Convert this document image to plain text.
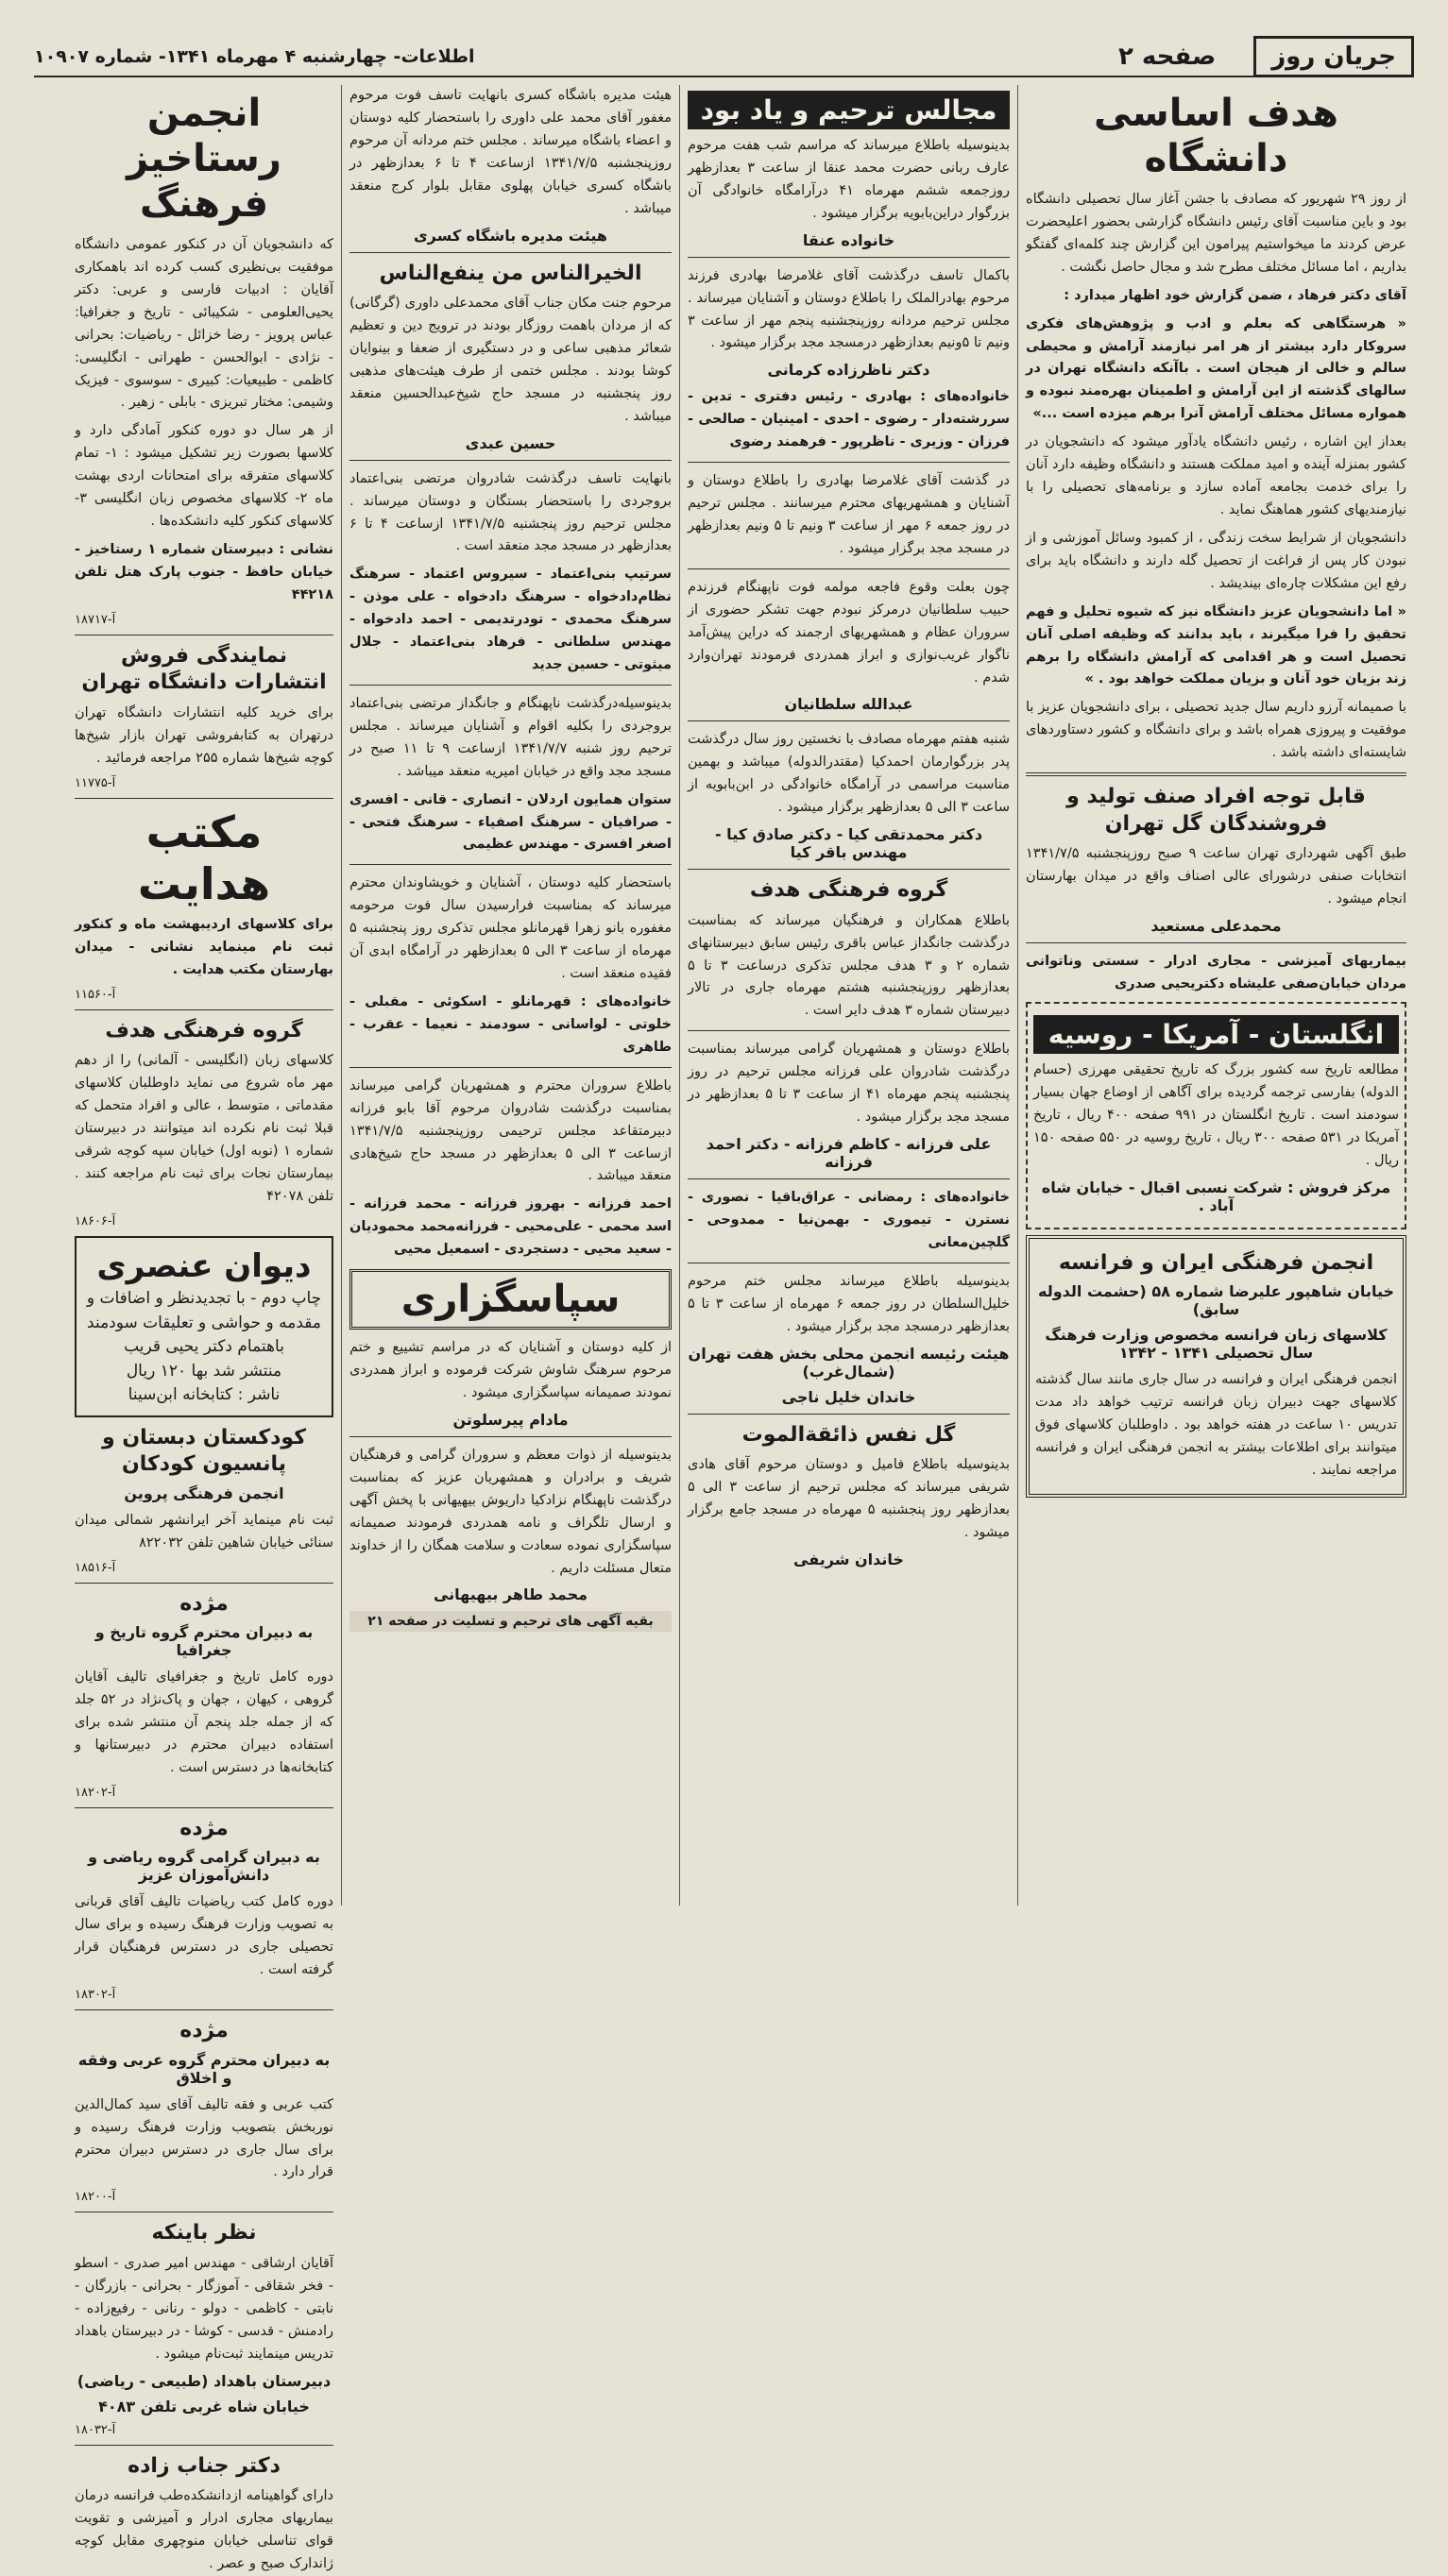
جریان روز
صفحه ۲
اطلاعات- چهارشنبه ۴ مهرماه ۱۳۴۱- شماره ۱۰۹۰۷
هدف اساسی دانشگاه

از روز ۲۹ شهریور که مصادف با جشن آغاز سال تحصیلی دانشگاه بود و باین مناسبت آقای رئیس دانشگاه گزارشی بحضور اعلیحضرت عرض کردند ما میخواستیم پیرامون این گزارش چند کلمه‌ای گفتگو بداریم ، اما مسائل مختلف مطرح شد و مجال حاصل نگشت .

آقای دکتر فرهاد ، ضمن گزارش خود اظهار میدارد :

« هرستگاهی که بعلم و ادب و پژوهش‌های فکری سروکار دارد بیشتر از هر امر نیازمند آرامش و محیطی سالم و خالی از هیجان است . باآنکه دانشگاه تهران در سالهای گذشته از این آرامش و اطمینان بهره‌مند نبوده و همواره مسائل مختلف آرامش آنرا برهم میزده است ...»

بعداز این اشاره ، رئیس دانشگاه یادآور میشود که دانشجویان در کشور بمنزله آینده و امید مملکت هستند و دانشگاه وظیفه دارد آنان را برای خدمت بجامعه آماده سازد و برنامه‌های تحصیلی را با نیازمندیهای کشور هماهنگ نماید .

دانشجویان از شرایط سخت زندگی ، از کمبود وسائل آموزشی و از نبودن کار پس از فراغت از تحصیل گله دارند و دانشگاه باید برای رفع این مشکلات چاره‌ای بیندیشد .

« اما دانشجویان عزیز دانشگاه نیز که شیوه تحلیل و فهم تحقیق را فرا میگیرند ، باید بدانند که وظیفه اصلی آنان تحصیل است و هر اقدامی که آرامش دانشگاه را برهم زند بزیان خود آنان و بزیان مملکت خواهد بود . »

با صمیمانه آرزو داریم سال جدید تحصیلی ، برای دانشجویان عزیز با موفقیت و پیروزی همراه باشد و برای دانشگاه و کشور دستاوردهای شایسته‌ای داشته باشد .

قابل توجه افراد صنف تولید و فروشندگان گل تهران

طبق آگهی شهرداری تهران ساعت ۹ صبح روزپنجشنبه ۱۳۴۱/۷/۵ انتخابات صنفی درشورای عالی اصناف واقع در میدان بهارستان انجام میشود .

محمدعلی مستعید

بیماریهای آمیزشی - مجاری ادرار - سستی وناتوانی مردان خیابان‌صفی علیشاه دکتر‌یحیی صدری

انگلستان - آمریکا - روسیه

مطالعه تاریخ سه کشور بزرگ که تاریخ تحقیقی مهرزی (حسام الدوله) بفارسی ترجمه گردیده برای آگاهی از اوضاع جهان بسیار سودمند است . تاریخ انگلستان در ۹۹۱ صفحه ۴۰۰ ریال ، تاریخ آمریکا در ۵۳۱ صفحه ۳۰۰ ریال ، تاریخ روسیه در ۵۵۰ صفحه ۱۵۰ ریال .

مرکز فروش : شرکت نسبی اقبال - خیابان شاه آباد .
انجمن فرهنگی ایران و فرانسه
خیابان شاهپور علیرضا شماره ۵۸ (حشمت الدوله سابق)
کلاسهای زبان فرانسه مخصوص وزارت فرهنگ سال تحصیلی ۱۳۴۱ - ۱۳۴۲

انجمن فرهنگی ایران و فرانسه در سال جاری مانند سال گذشته کلاسهای جهت دبیران زبان فرانسه ترتیب خواهد داد مدت تدریس ۱۰ ساعت در هفته خواهد بود . داوطلبان کلاسهای فوق میتوانند برای اطلاعات بیشتر به انجمن فرهنگی ایران و فرانسه مراجعه نمایند .

مجالس ترحیم و یاد بود

بدینوسیله باطلاع میرساند که مراسم شب هفت مرحوم عارف ربانی حضرت محمد عنقا از ساعت ۳ بعدازظهر روزجمعه ششم مهرماه ۴۱ درآرامگاه خانوادگی آن بزرگوار دراین‌بابویه برگزار میشود .

خانواده عنقا

باکمال تاسف درگذشت آقای غلامرضا بهادری فرزند مرحوم بهادرالملک را باطلاع دوستان و آشنایان میرساند . مجلس ترحیم مردانه روزپنجشنبه پنجم مهر از ساعت ۳ ونیم تا ۵ونیم بعدازظهر درمسجد مجد برگزار میشود .

دکتر ناظرزاده کرمانی

خانواده‌های : بهادری - رئیس دفتری - تدین - سررشته‌دار - رضوی - احدی - امینیان - صالحی - فرزان - وزیری - ناظرپور - فرهمند رضوی

در گذشت آقای غلامرضا بهادری را باطلاع دوستان و آشنایان و همشهریهای محترم میرسانند . مجلس ترحیم در روز جمعه ۶ مهر از ساعت ۳ ونیم تا ۵ ونیم بعدازظهر در مسجد مجد برگزار میشود .

چون بعلت وقوع فاجعه مولمه فوت ناپهنگام فرزندم حبیب سلطانیان درمرکز نبودم جهت تشکر حضوری از سروران عظام و همشهریهای ارجمند که دراین پیش‌آمد ناگوار غریب‌نوازی و ابراز همدردی فرمودند تهران‌وارد شدم .

عبدالله سلطانیان

شنبه هفتم مهرماه مصادف با نخستین روز سال درگذشت پدر بزرگوارمان احمدکیا (مقتدرالدوله) میباشد و بهمین مناسبت مراسمی در آرامگاه خانوادگی در ابن‌بابویه از ساعت ۳ الی ۵ بعدازظهر برگزار میشود .

دکتر محمدتقی کیا - دکتر صادق کیا - مهندس باقر کیا
گروه فرهنگی هدف

باطلاع همکاران و فرهنگیان میرساند که بمناسبت درگذشت جانگداز عباس باقری رئیس سابق دبیرستانهای شماره ۲ و ۳ هدف مجلس تذکری درساعت ۳ تا ۵ بعدازظهر روزپنجشنبه هشتم مهرماه جاری در تالار دبیرستان شماره ۳ هدف دایر است .

باطلاع دوستان و همشهریان گرامی میرساند بمناسبت درگذشت شادروان علی فرزانه مجلس ترحیم در روز پنجشنبه پنجم مهرماه ۴۱ از ساعت ۳ تا ۵ بعدازظهر در مسجد مجد برگزار میشود .

علی فرزانه - کاظم فرزانه - دکتر احمد فرزانه

خانواده‌های : رمضانی - عراق‌باقیا - نصوری - نسترن - تیموری - بهمن‌نیا - ممدوحی - گلچین‌معانی

بدینوسیله باطلاع میرساند مجلس ختم مرحوم خلیل‌السلطان در روز جمعه ۶ مهرماه از ساعت ۳ تا ۵ بعدازظهر درمسجد مجد برگزار میشود .

هیئت رئیسه انجمن محلی بخش هفت تهران (شمال‌غرب)
خاندان خلیل ناجی
گل نفس ذائقةالموت

بدینوسیله باطلاع فامیل و دوستان مرحوم آقای هادی شریفی میرساند که مجلس ترحیم از ساعت ۳ الی ۵ بعدازظهر روز پنجشنبه ۵ مهرماه در مسجد جامع برگزار میشود .

خاندان شریفی

هیئت مدیره باشگاه کسری بانهایت تاسف فوت مرحوم مغفور آقای محمد علی داوری را باستحضار کلیه دوستان و اعضاء باشگاه میرساند . مجلس ختم مردانه آن مرحوم روزپنجشنبه ۱۳۴۱/۷/۵ ازساعت ۴ تا ۶ بعدازظهر در باشگاه کسری خیابان پهلوی مقابل بلوار کرج منعقد میباشد .

هیئت مدیره باشگاه کسری
الخیرالناس من ینفع‌الناس

مرحوم جنت مکان جناب آقای محمدعلی داوری (گرگانی) که از مردان باهمت روزگار بودند در ترویج دین و تعظیم شعائر مذهبی ساعی و در دستگیری از ضعفا و بینوایان کوشا بودند . مجلس ختمی از طرف هیئت‌های مذهبی روز پنجشنبه در مسجد حاج شیخ‌عبدالحسین منعقد میباشد .

حسین عبدی

بانهایت تاسف درگذشت شادروان مرتضی بنی‌اعتماد بروجردی را باستحضار بستگان و دوستان میرساند . مجلس ترحیم روز پنجشنبه ۱۳۴۱/۷/۵ ازساعت ۴ تا ۶ بعدازظهر در مسجد مجد منعقد است .

سرتیپ بنی‌اعتماد - سیروس اعتماد - سرهنگ نظام‌دادخواه - سرهنگ دادخواه - علی موذن - سرهنگ محمدی - تودرتدیمی - احمد دادخواه - مهندس سلطانی - فرهاد بنی‌اعتماد - جلال میثوتی - حسین جدید

بدینوسیله‌درگذشت ناپهنگام و جانگداز مرتضی بنی‌اعتماد بروجردی را بکلیه اقوام و آشنایان میرساند . مجلس ترحیم روز شنبه ۱۳۴۱/۷/۷ ازساعت ۹ تا ۱۱ صبح در مسجد مجد واقع در خیابان امیریه منعقد میباشد .

ستوان همایون اردلان - انصاری - قانی - افسری - صرافیان - سرهنگ اصفیاء - سرهنگ فتحی - اصغر افسری - مهندس عظیمی

باستحضار کلیه دوستان ، آشنایان و خویشاوندان محترم میرساند که بمناسبت فرارسیدن سال فوت مرحومه مغفوره بانو زهرا قهرمانلو مجلس تذکری روز پنجشنبه ۵ مهرماه از ساعت ۳ الی ۵ بعدازظهر در آرامگاه ابدی آن فقیده منعقد است .

خانواده‌های : قهرمانلو - اسکوئی - مقبلی - خلوتی - لواسانی - سودمند - نعیما - عقرب - طاهری

باطلاع سروران محترم و همشهریان گرامی میرساند بمناسبت درگذشت شادروان مرحوم آقا بابو فرزانه دبیرمتقاعد مجلس ترحیمی روزپنجشنبه ۱۳۴۱/۷/۵ ازساعت ۳ الی ۵ بعدازظهر در مسجد حاج شیخ‌هادی منعقد میباشد .

احمد فرزانه - بهروز فرزانه - محمد فرزانه - اسد محمی - علی‌محیی - فرزانه‌محمد محمودیان - سعید محیی - دستجردی - اسمعیل محیی

سپاسگزاری

از کلیه دوستان و آشنایان که در مراسم تشییع و ختم مرحوم سرهنگ شاوش شرکت فرموده و ابراز همدردی نمودند صمیمانه سپاسگزاری میشود .

مادام پیرسلوتن

بدینوسیله از ذوات معظم و سروران گرامی و فرهنگیان شریف و برادران و همشهریان عزیز که بمناسبت درگذشت ناپهنگام نزادکیا داریوش بیهیهانی با پخش آگهی و ارسال تلگراف و نامه همدردی فرمودند صمیمانه سپاسگزاری نموده سعادت و سلامت همگان را از خداوند متعال مسئلت داریم .

محمد طاهر بیهیهانی
بقیه آگهی های ترحیم و تسلیت در صفحه ۲۱
انجمن رستاخیز فرهنگ

که دانشجویان آن در کنکور عمومی دانشگاه موفقیت بی‌نظیری کسب کرده اند باهمکاری آقایان : ادبیات فارسی و عربی: دکتر یحیی‌العلومی - شکیبائی - تاریخ و جغرافیا: عباس پرویز - رضا خزائل - ریاضیات: بحرانی - نژادی - ابوالحسن - طهرانی - انگلیسی: کاظمی - طبیعیات: کبیری - سوسوی - فیزیک وشیمی: مختار تبریزی - بابلی - زهیر .

از هر سال دو دوره کنکور آمادگی دارد و کلاسها بصورت زیر تشکیل میشود : ۱- تمام کلاسهای متفرقه برای امتحانات اردی بهشت ماه ۲- کلاسهای مخصوص زبان انگلیسی ۳- کلاسهای کنکور کلیه دانشکده‌ها .

نشانی : دبیرستان شماره ۱ رستاخیز - خیابان حافظ - جنوب پارک هتل تلفن ۴۴۲۱۸

آ-۱۸۷۱۷
نمایندگی فروش انتشارات دانشگاه تهران

برای خرید کلیه انتشارات دانشگاه تهران درتهران به کتابفروشی تهران بازار شیخ‌ها کوچه شیخ‌ها شماره ۲۵۵ مراجعه فرمائید .

آ-۱۱۷۷۵
مکتب هدایت

برای کلاسهای اردیبهشت ماه و کنکور ثبت نام مینماید نشانی - میدان بهارستان مکتب هدایت .

آ-۱۱۵۶۰
گروه فرهنگی هدف

کلاسهای زبان (انگلیسی - آلمانی) را از دهم مهر ماه شروع می نماید داوطلبان کلاسهای مقدماتی ، متوسط ، عالی و افراد متحمل که قبلا ثبت نام نکرده اند میتوانند در دبیرستان شماره ۱ (نوبه اول) خیابان سپه کوچه شرقی بیمارستان نجات برای ثبت نام مراجعه کنند . تلفن ۴۲۰۷۸

آ-۱۸۶۰۶
دیوان عنصری
چاپ دوم - با تجدیدنظر و اضافات و
مقدمه و حواشی و تعلیقات سودمند
باهتمام دکتر یحیی قریب
منتشر شد بها ۱۲۰ ریال
ناشر : کتابخانه ابن‌سینا
کودکستان دبستان و پانسیون کودکان
انجمن فرهنگی پروین

ثبت نام مینماید آخر ایرانشهر شمالی میدان سنائی خیابان شاهین تلفن ۸۲۲۰۳۲

آ-۱۸۵۱۶
مژده
به دبیران محترم گروه تاریخ و جغرافیا

دوره کامل تاریخ و جغرافیای تالیف آقایان گروهی ، کیهان ، جهان و پاک‌نژاد در ۵۲ جلد که از جمله جلد پنجم آن منتشر شده برای استفاده دبیران محترم در دبیرستانها و کتابخانه‌ها در دسترس است .

آ-۱۸۲۰۲
مژده
به دبیران گرامی گروه ریاضی و دانش‌آموزان عزیز

دوره کامل کتب ریاضیات تالیف آقای قربانی به تصویب وزارت فرهنگ رسیده و برای سال تحصیلی جاری در دسترس فرهنگیان قرار گرفته است .

آ-۱۸۳۰۲
مژده
به دبیران محترم گروه عربی وفقه و اخلاق

کتب عربی و فقه تالیف آقای سید کمال‌الدین نوربخش بتصویب وزارت فرهنگ رسیده و برای سال جاری در دسترس دبیران محترم قرار دارد .

آ-۱۸۲۰۰
نظر باینکه

آقایان ارشاقی - مهندس امیر صدری - اسطو - فخر شقاقی - آموزگار - بحرانی - بازرگان - نابتی - کاظمی - دولو - رنانی - رفیع‌زاده - رادمنش - قدسی - کوشا - در دبیرستان باهداد تدریس مینمایند ثبت‌نام میشود .

دبیرستان باهداد (طبیعی - ریاضی)
خیابان شاه غربی تلفن ۴۰۸۳
آ-۱۸۰۳۲
دکتر جناب زاده

دارای گواهینامه ازدانشکده‌طب فرانسه درمان بیماریهای مجاری ادرار و آمیزشی و تقویت قوای تناسلی خیابان منوچهری مقابل کوچه ژاندارک صبح و عصر .
